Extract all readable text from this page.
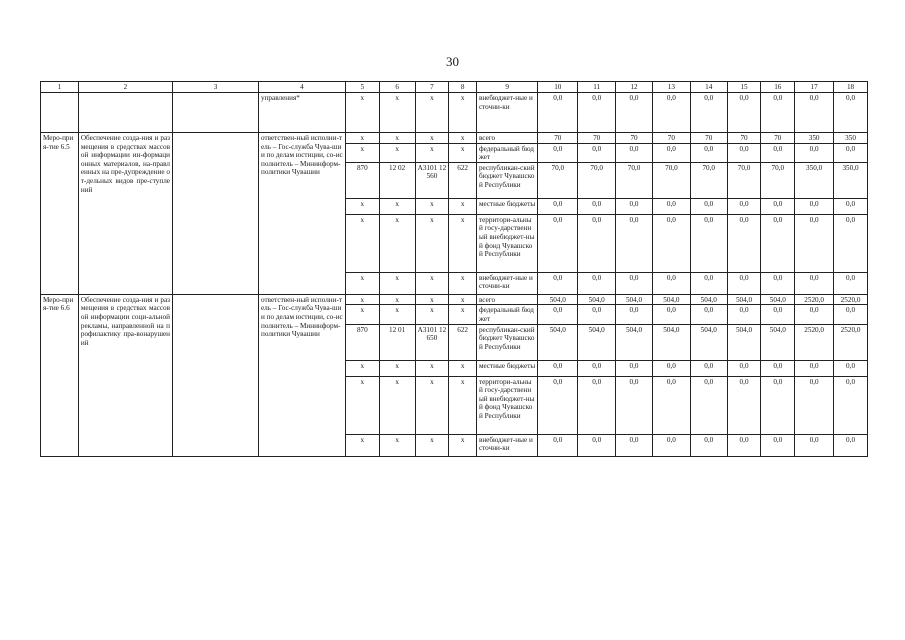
30
1	2	3	4	5	6	7	8	9	10	11	12	13	14	15	16	17	18
			управления*	х	х	х	х	внебюджет-ные источни-ки	0,0	0,0	0,0	0,0	0,0	0,0	0,0	0,0	0,0
Меро-прия-тие 6.5	Обеспечение созда-ния и размещения в средствах массовой информации ин-формационных материалов, на-правленных на пре-дупреждение от-дельных видов пре-ступлений		ответствен-ный исполни-тель – Гос-служба Чува-шии по делам юстиции, со-исполнитель – Мининформ-политики Чувашии	х	х	х	х	всего	70	70	70	70	70	70	70	350	350
				х	х	х	х	федеральный бюджет	0,0	0,0	0,0	0,0	0,0	0,0	0,0	0,0	0,0
				870	12 02	А3101 12560	622	республикан-ский бюджет Чувашской Республики	70,0	70,0	70,0	70,0	70,0	70,0	70,0	350,0	350,0
				х	х	х	х	местные бюджеты	0,0	0,0	0,0	0,0	0,0	0,0	0,0	0,0	0,0
				х	х	х	х	территори-альный госу-дарственный внебюджет-ный фонд Чувашской Республики	0,0	0,0	0,0	0,0	0,0	0,0	0,0	0,0	0,0
				х	х	х	х	внебюджет-ные источни-ки	0,0	0,0	0,0	0,0	0,0	0,0	0,0	0,0	0,0
Меро-прия-тие 6.6	Обеспечение созда-ния и размещения в средствах массовой информации соци-альной рекламы, направленной на профилактику пра-вонарушений		ответствен-ный исполни-тель – Гос-служба Чува-шии по делам юстиции, со-исполнитель – Мининформ-политики Чувашии	х	х	х	х	всего	504,0	504,0	504,0	504,0	504,0	504,0	504,0	2520,0	2520,0
				х	х	х	х	федеральный бюджет	0,0	0,0	0,0	0,0	0,0	0,0	0,0	0,0	0,0
				870	12 01	А3101 12650	622	республикан-ский бюджет Чувашской Республики	504,0	504,0	504,0	504,0	504,0	504,0	504,0	2520,0	2520,0
				х	х	х	х	местные бюджеты	0,0	0,0	0,0	0,0	0,0	0,0	0,0	0,0	0,0
				х	х	х	х	территори-альный госу-дарственный внебюджет-ный фонд Чувашской Республики	0,0	0,0	0,0	0,0	0,0	0,0	0,0	0,0	0,0
				х	х	х	х	внебюджет-ные источни-ки	0,0	0,0	0,0	0,0	0,0	0,0	0,0	0,0	0,0
